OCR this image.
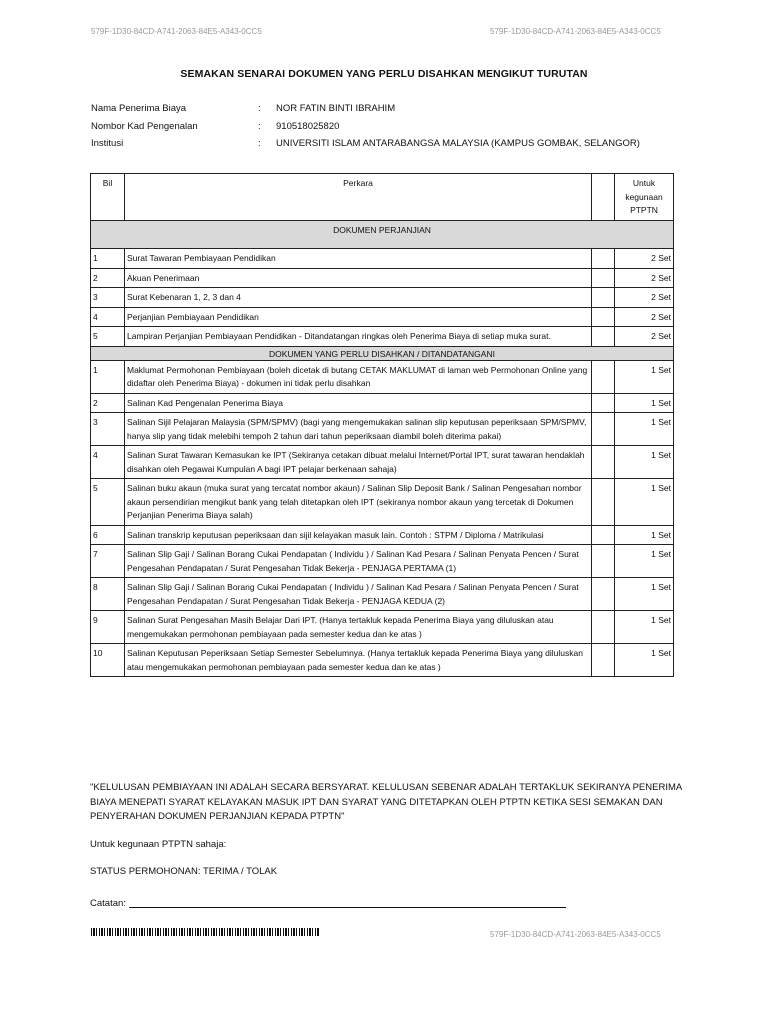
579F-1D30-84CD-A741-2063-84E5-A343-0CC5	579F-1D30-84CD-A741-2063-84E5-A343-0CC5
SEMAKAN SENARAI DOKUMEN YANG PERLU DISAHKAN MENGIKUT TURUTAN
Nama Penerima Biaya	:	NOR FATIN BINTI IBRAHIM
Nombor Kad Pengenalan	:	910518025820
Institusi	:	UNIVERSITI ISLAM ANTARABANGSA MALAYSIA (KAMPUS GOMBAK, SELANGOR)
Bil	Perkara		Untuk kegunaan PTPTN
DOKUMEN PERJANJIAN			
1	Surat Tawaran Pembiayaan Pendidikan		2 Set
2	Akuan Penerimaan		2 Set
3	Surat Kebenaran 1, 2, 3 dan 4		2 Set
4	Perjanjian Pembiayaan Pendidikan		2 Set
5	Lampiran Perjanjian Pembiayaan Pendidikan - Ditandatangan ringkas oleh Penerima Biaya di setiap muka surat.		2 Set
DOKUMEN YANG PERLU DISAHKAN / DITANDATANGANI			
1	Maklumat Permohonan Pembiayaan (boleh dicetak di butang CETAK MAKLUMAT di laman web Permohonan Online yang didaftar oleh Penerima Biaya) - dokumen ini tidak perlu disahkan		1 Set
2	Salinan Kad Pengenalan Penerima Biaya		1 Set
3	Salinan Sijil Pelajaran Malaysia (SPM/SPMV) (bagi yang mengemukakan salinan slip keputusan peperiksaan SPM/SPMV, hanya slip yang tidak melebihi tempoh 2 tahun dari tahun peperiksaan diambil boleh diterima pakai)		1 Set
4	Salinan Surat Tawaran Kemasukan ke IPT (Sekiranya cetakan dibuat melalui Internet/Portal IPT, surat tawaran hendaklah disahkan oleh Pegawai Kumpulan A bagi IPT pelajar berkenaan sahaja)		1 Set
5	Salinan buku akaun (muka surat yang tercatat nombor akaun) / Salinan Slip Deposit Bank / Salinan Pengesahan nombor akaun persendirian mengikut bank yang telah ditetapkan oleh IPT (sekiranya nombor akaun yang tercetak di Dokumen Perjanjian Penerima Biaya salah)		1 Set
6	Salinan transkrip keputusan peperiksaan dan sijil kelayakan masuk lain. Contoh : STPM / Diploma / Matrikulasi		1 Set
7	Salinan Slip Gaji / Salinan Borang Cukai Pendapatan ( Individu ) / Salinan Kad Pesara / Salinan Penyata Pencen / Surat Pengesahan Pendapatan / Surat Pengesahan Tidak Bekerja - PENJAGA PERTAMA (1)		1 Set
8	Salinan Slip Gaji / Salinan Borang Cukai Pendapatan ( Individu ) / Salinan Kad Pesara / Salinan Penyata Pencen / Surat Pengesahan Pendapatan / Surat Pengesahan Tidak Bekerja - PENJAGA KEDUA (2)		1 Set
9	Salinan Surat Pengesahan Masih Belajar Dari IPT. (Hanya tertakluk kepada Penerima Biaya yang diluluskan atau mengemukakan permohonan pembiayaan pada semester kedua dan ke atas )		1 Set
10	Salinan Keputusan Peperiksaan Setiap Semester Sebelumnya. (Hanya tertakluk kepada Penerima Biaya yang diluluskan atau mengemukakan permohonan pembiayaan pada semester kedua dan ke atas )		1 Set
"KELULUSAN PEMBIAYAAN INI ADALAH SECARA BERSYARAT. KELULUSAN SEBENAR ADALAH TERTAKLUK SEKIRANYA PENERIMA BIAYA MENEPATI SYARAT KELAYAKAN MASUK IPT DAN SYARAT YANG DITETAPKAN OLEH PTPTN KETIKA SESI SEMAKAN DAN PENYERAHAN DOKUMEN PERJANJIAN KEPADA PTPTN"
Untuk kegunaan PTPTN sahaja:
STATUS PERMOHONAN: TERIMA / TOLAK
Catatan:
579F-1D30-84CD-A741-2063-84E5-A343-0CC5
